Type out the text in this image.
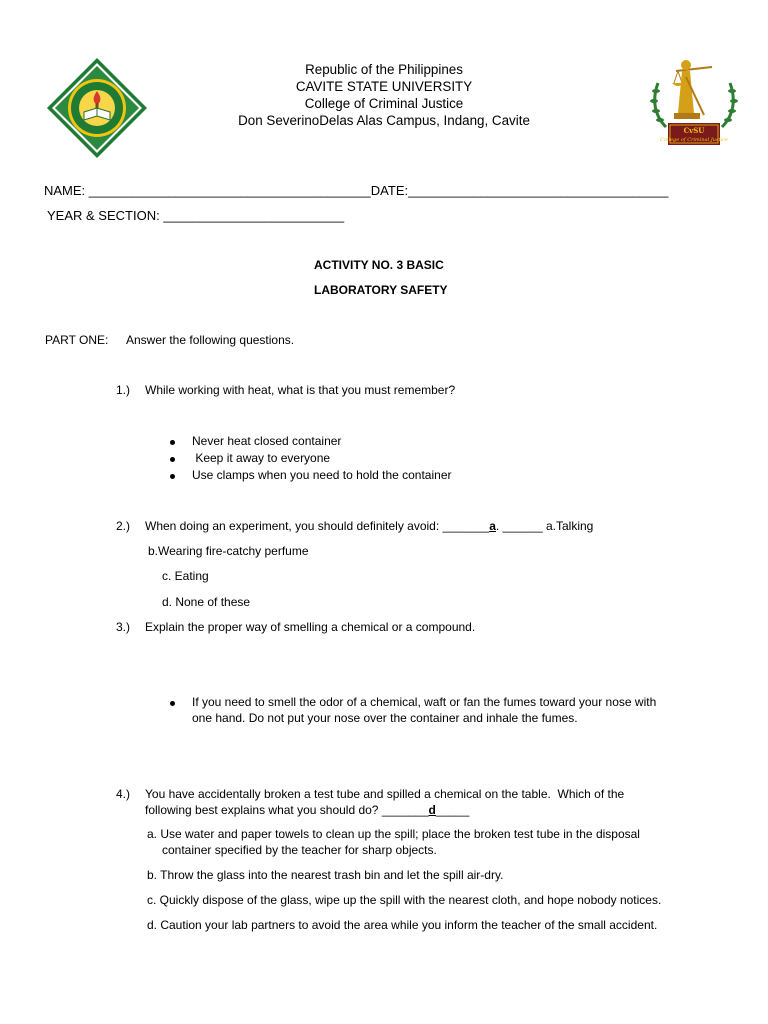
Republic of the Philippines
CAVITE STATE UNIVERSITY
College of Criminal Justice
Don SeverinoDelas Alas Campus, Indang, Cavite
CvSU
College of Criminal Justice
NAME: _______________________________________DATE:____________________________________
YEAR & SECTION: _________________________
ACTIVITY NO. 3 BASIC
LABORATORY SAFETY
PART ONE: Answer the following questions.
1.) While working with heat, what is that you must remember?
Never heat closed container
Keep it away to everyone
Use clamps when you need to hold the container
2.) When doing an experiment, you should definitely avoid: _______a. ______ a.Talking
b.Wearing fire-catchy perfume
c. Eating
d. None of these
3.) Explain the proper way of smelling a chemical or a compound.
If you need to smell the odor of a chemical, waft or fan the fumes toward your nose with
one hand. Do not put your nose over the container and inhale the fumes.
4.) You have accidentally broken a test tube and spilled a chemical on the table.  Which of the
following best explains what you should do? _______d_____
a. Use water and paper towels to clean up the spill; place the broken test tube in the disposal
container specified by the teacher for sharp objects.
b. Throw the glass into the nearest trash bin and let the spill air-dry.
c. Quickly dispose of the glass, wipe up the spill with the nearest cloth, and hope nobody notices.
d. Caution your lab partners to avoid the area while you inform the teacher of the small accident.
